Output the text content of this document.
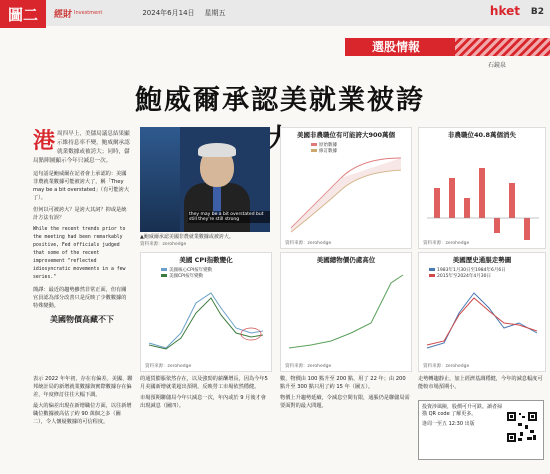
圖二	經財 Investment	2024年6月14日 星期五	hket B2
選股情報
石鏡泉
鮑威爾承認美就業被誇

港 周四早上，美儲局議息結果顯示維持息率不變，鮑威爾承認就業數據或被誇大；同時，儲局點陣圖顯示今年只減息一次。

這句話是鮑威爾在記者會上承認的：美國非農就業數據可能被誇大了，稱「They may be a bit overstated」（有可能誇大了）。

但何以可被誇大？是誇大其詞？抑或是統計方法有誤？

While the recent trends prior to the meeting had been remarkably positive, Fed officials judged that some of the recent improvement "reflected idiosyncratic movements in a few series."

簡譯：最近的趨勢雖然非常正面，但有關官員認為部分改善只是反映了少數數據的特殊變動。

美國物價高藏不下
they may be a bit overstated but still they're still strong
▲鮑威爾承認美國非農就業數據或被誇大。
資料來源：zerohedge
美國非農職位有可能誇大900萬個
原始數據
修訂數據
資料來源：zerohedge
非農職位40.8萬個消失
資料來源：zerohedge
美國 CPI指數變化
美國核心CPI按年變動
美國CPI按年變動
資料來源：zerohedge
美國總物價仍處高位
資料來源：zerohedge
美國歷史通脹走勢圖
1983年1月30日至1984年6月6日
2015年至2024年4月30日
資料來源：zerohedge

表示 2022 年年初，存在有偏差。美國、聯邦統計局的新增就業數據與實際數據存在偏差，年度修訂往往大幅下調。

最大的偏差出現在新增職位方面，以往新增職位數據被高估了約 90 萬個之多（圖二），令人懷疑數據的可信程度。

的通貨膨脹依然存在，以及強勁的薪酬增長，因為今年5月美國新增就業超出預期，反映勞工市場依然穩健。

市場預期聯儲局今年只減息一次，年內或於 9 月後才會出現減息（圖四）。

數，物價由 100 點升至 200 點，用了 22 年；由 200 點升至 300 點只用了約 15 年（圖五）。

物價上升趨勢延續，令減息空間有限，通脹仍是聯儲局需要面對的最大問題。

走勢轉趨靜止，加上經濟基調穩健，今年的減息幅度可能較市場預期小。

投資涉風險，股價可升可跌。讀者掃描 QR code 了解更多。
逢周一至五 12:30 出版
